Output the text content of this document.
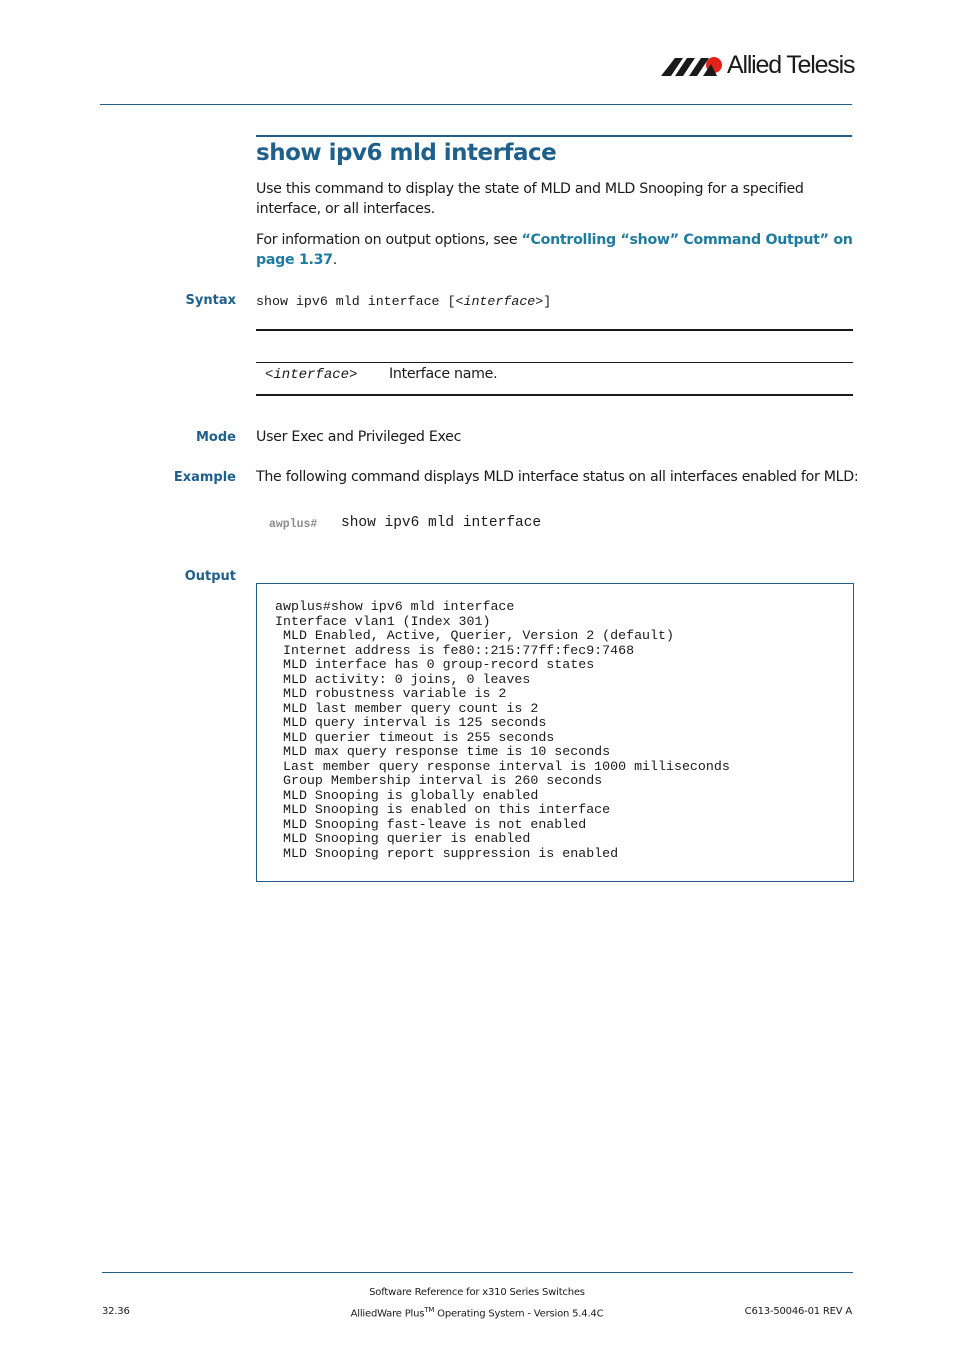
Allied Telesis
show ipv6 mld interface
Use this command to display the state of MLD and MLD Snooping for a specified interface, or all interfaces.
For information on output options, see “Controlling “show” Command Output” on page 1.37.
Syntax show ipv6 mld interface [<interface>]
<interface> Interface name.
Mode User Exec and Privileged Exec
Example The following command displays MLD interface status on all interfaces enabled for MLD:
awplus# show ipv6 mld interface
Output
awplus#show ipv6 mld interface
Interface vlan1 (Index 301)
MLD Enabled, Active, Querier, Version 2 (default)
Internet address is fe80::215:77ff:fec9:7468
MLD interface has 0 group-record states
MLD activity: 0 joins, 0 leaves
MLD robustness variable is 2
MLD last member query count is 2
MLD query interval is 125 seconds
MLD querier timeout is 255 seconds
MLD max query response time is 10 seconds
Last member query response interval is 1000 milliseconds
Group Membership interval is 260 seconds
MLD Snooping is globally enabled
MLD Snooping is enabled on this interface
MLD Snooping fast-leave is not enabled
MLD Snooping querier is enabled
MLD Snooping report suppression is enabled
Software Reference for x310 Series Switches
AlliedWare Plus™ Operating System - Version 5.4.4C
32.36	C613-50046-01 REV A
